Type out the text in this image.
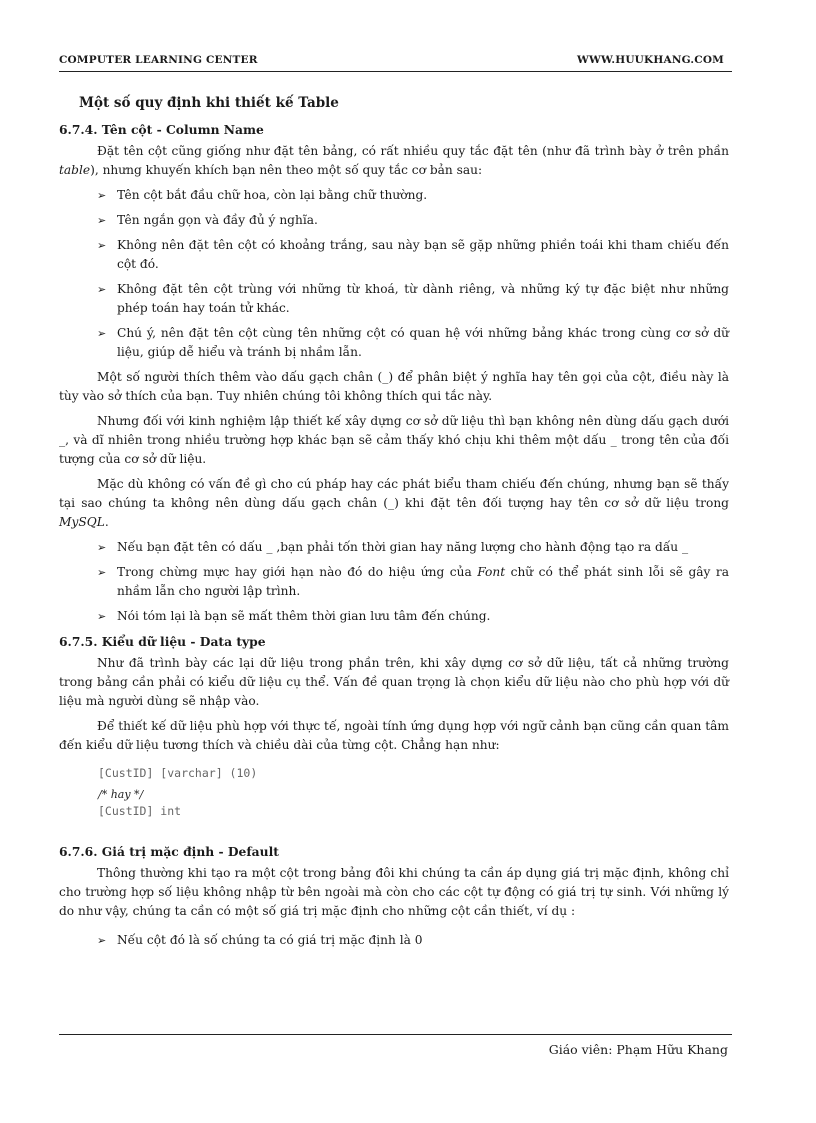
COMPUTER LEARNING CENTER	WWW.HUUKHANG.COM
Một số quy định khi thiết kế Table
6.7.4. Tên cột - Column Name

Đặt tên cột cũng giống như đặt tên bảng, có rất nhiều quy tắc đặt tên (như đã trình bày ở trên phần table), nhưng khuyến khích bạn nên theo một số quy tắc cơ bản sau:

➢ Tên cột bắt đầu chữ hoa, còn lại bằng chữ thường.
➢ Tên ngắn gọn và đầy đủ ý nghĩa.
➢ Không nên đặt tên cột có khoảng trắng, sau này bạn sẽ gặp những phiền toái khi tham chiếu đến cột đó.
➢ Không đặt tên cột trùng với những từ khoá, từ dành riêng, và những ký tự đặc biệt như những phép toán hay toán tử khác.
➢ Chú ý, nên đặt tên cột cùng tên những cột có quan hệ với những bảng khác trong cùng cơ sở dữ liệu, giúp dễ hiểu và tránh bị nhầm lẫn.

Một số người thích thêm vào dấu gạch chân (_) để phân biệt ý nghĩa hay tên gọi của cột, điều này là tùy vào sở thích của bạn. Tuy nhiên chúng tôi không thích qui tắc này.

Nhưng đối với kinh nghiệm lập thiết kế xây dựng cơ sở dữ liệu thì bạn không nên dùng dấu gạch dưới _, và dĩ nhiên trong nhiều trường hợp khác bạn sẽ cảm thấy khó chịu khi thêm một dấu _ trong tên của đối tượng của cơ sở dữ liệu.

Mặc dù không có vấn đề gì cho cú pháp hay các phát biểu tham chiếu đến chúng, nhưng bạn sẽ thấy tại sao chúng ta không nên dùng dấu gạch chân (_) khi đặt tên đối tượng hay tên cơ sở dữ liệu trong MySQL.

➢ Nếu bạn đặt tên có dấu _ ,bạn phải tốn thời gian hay năng lượng cho hành động tạo ra dấu _
➢ Trong chừng mực hay giới hạn nào đó do hiệu ứng của Font chữ có thể phát sinh lỗi sẽ gây ra nhầm lẫn cho người lập trình.
➢ Nói tóm lại là bạn sẽ mất thêm thời gian lưu tâm đến chúng.
6.7.5. Kiểu dữ liệu - Data type

Như đã trình bày các lại dữ liệu trong phần trên, khi xây dựng cơ sở dữ liệu, tất cả những trường trong bảng cần phải có kiểu dữ liệu cụ thể. Vấn đề quan trọng là chọn kiểu dữ liệu nào cho phù hợp với dữ liệu mà người dùng sẽ nhập vào.

Để thiết kế dữ liệu phù hợp với thực tế, ngoài tính ứng dụng hợp với ngữ cảnh bạn cũng cần quan tâm đến kiểu dữ liệu tương thích và chiều dài của từng cột. Chẳng hạn như:

[CustID] [varchar] (10)
/* hay */
[CustID] int
6.7.6. Giá trị mặc định - Default

Thông thường khi tạo ra một cột trong bảng đôi khi chúng ta cần áp dụng giá trị mặc định, không chỉ cho trường hợp số liệu không nhập từ bên ngoài mà còn cho các cột tự động có giá trị tự sinh. Với những lý do như vậy, chúng ta cần có một số giá trị mặc định cho những cột cần thiết, ví dụ :

➢ Nếu cột đó là số chúng ta có giá trị mặc định là 0
Giáo viên: Phạm Hữu Khang
